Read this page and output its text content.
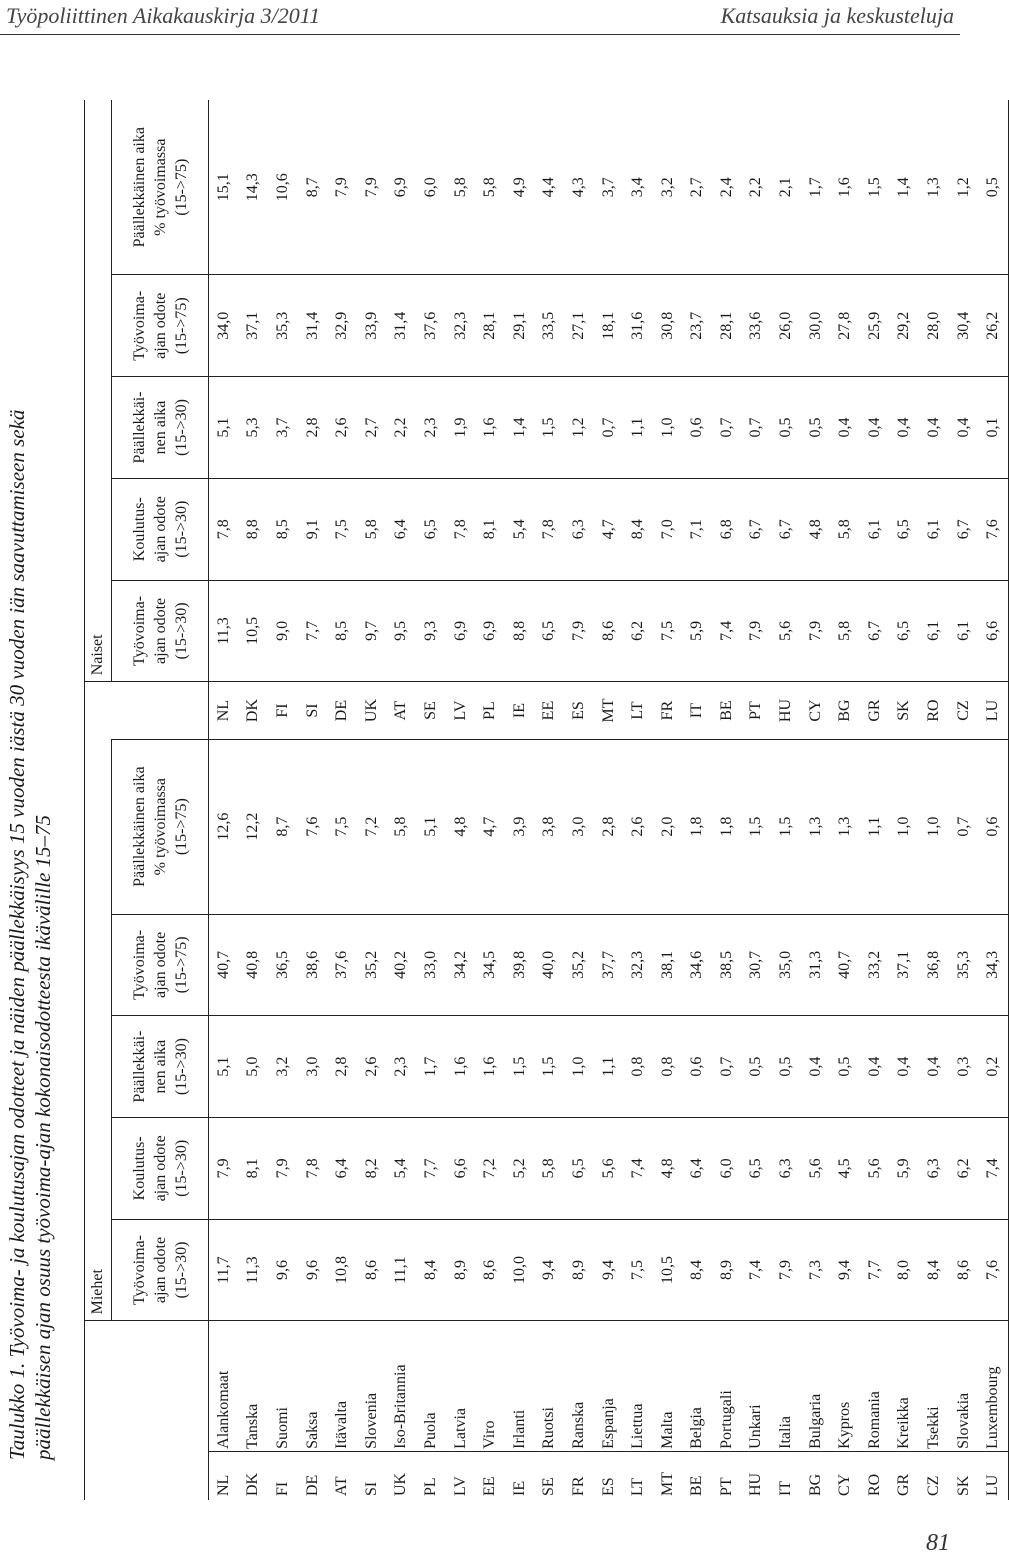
Työpoliittinen Aikakauskirja 3/2011	Katsauksia ja keskusteluja
Taulukko 1. Työvoima- ja koulutusajan odotteet ja näiden päällekkäisyys 15 vuoden iästä 30 vuoden iän saavuttamiseen sekä päällekkäisen ajan osuus työvoima-ajan kokonaisodotteesta ikävälille 15–75
		Miehet						Naiset				
		Työvoima-
ajan odote
(15->30)	Koulutus-
ajan odote
(15->30)	Päällekkäi-
nen aika
(15->30)	Työvoima-
ajan odote
(15->75)	Päällekkäinen aika
% työvoimassa
(15->75)		Työvoima-
ajan odote
(15->30)	Koulutus-
ajan odote
(15->30)	Päällekkäi-
nen aika
(15->30)	Työvoima-
ajan odote
(15->75)	Päällekkäinen aika
% työvoimassa
(15->75)
NL	Alankomaat	11,7	7,9	5,1	40,7	12,6	NL	11,3	7,8	5,1	34,0	15,1
DK	Tanska	11,3	8,1	5,0	40,8	12,2	DK	10,5	8,8	5,3	37,1	14,3
FI	Suomi	9,6	7,9	3,2	36,5	8,7	FI	9,0	8,5	3,7	35,3	10,6
DE	Saksa	9,6	7,8	3,0	38,6	7,6	SI	7,7	9,1	2,8	31,4	8,7
AT	Itävalta	10,8	6,4	2,8	37,6	7,5	DE	8,5	7,5	2,6	32,9	7,9
SI	Slovenia	8,6	8,2	2,6	35,2	7,2	UK	9,7	5,8	2,7	33,9	7,9
UK	Iso-Britannia	11,1	5,4	2,3	40,2	5,8	AT	9,5	6,4	2,2	31,4	6,9
PL	Puola	8,4	7,7	1,7	33,0	5,1	SE	9,3	6,5	2,3	37,6	6,0
LV	Latvia	8,9	6,6	1,6	34,2	4,8	LV	6,9	7,8	1,9	32,3	5,8
EE	Viro	8,6	7,2	1,6	34,5	4,7	PL	6,9	8,1	1,6	28,1	5,8
IE	Irlanti	10,0	5,2	1,5	39,8	3,9	IE	8,8	5,4	1,4	29,1	4,9
SE	Ruotsi	9,4	5,8	1,5	40,0	3,8	EE	6,5	7,8	1,5	33,5	4,4
FR	Ranska	8,9	6,5	1,0	35,2	3,0	ES	7,9	6,3	1,2	27,1	4,3
ES	Espanja	9,4	5,6	1,1	37,7	2,8	MT	8,6	4,7	0,7	18,1	3,7
LT	Liettua	7,5	7,4	0,8	32,3	2,6	LT	6,2	8,4	1,1	31,6	3,4
MT	Malta	10,5	4,8	0,8	38,1	2,0	FR	7,5	7,0	1,0	30,8	3,2
BE	Belgia	8,4	6,4	0,6	34,6	1,8	IT	5,9	7,1	0,6	23,7	2,7
PT	Portugali	8,9	6,0	0,7	38,5	1,8	BE	7,4	6,8	0,7	28,1	2,4
HU	Unkari	7,4	6,5	0,5	30,7	1,5	PT	7,9	6,7	0,7	33,6	2,2
IT	Italia	7,9	6,3	0,5	35,0	1,5	HU	5,6	6,7	0,5	26,0	2,1
BG	Bulgaria	7,3	5,6	0,4	31,3	1,3	CY	7,9	4,8	0,5	30,0	1,7
CY	Kypros	9,4	4,5	0,5	40,7	1,3	BG	5,8	5,8	0,4	27,8	1,6
RO	Romania	7,7	5,6	0,4	33,2	1,1	GR	6,7	6,1	0,4	25,9	1,5
GR	Kreikka	8,0	5,9	0,4	37,1	1,0	SK	6,5	6,5	0,4	29,2	1,4
CZ	Tsekki	8,4	6,3	0,4	36,8	1,0	RO	6,1	6,1	0,4	28,0	1,3
SK	Slovakia	8,6	6,2	0,3	35,3	0,7	CZ	6,1	6,7	0,4	30,4	1,2
LU	Luxembourg	7,6	7,4	0,2	34,3	0,6	LU	6,6	7,6	0,1	26,2	0,5
81
